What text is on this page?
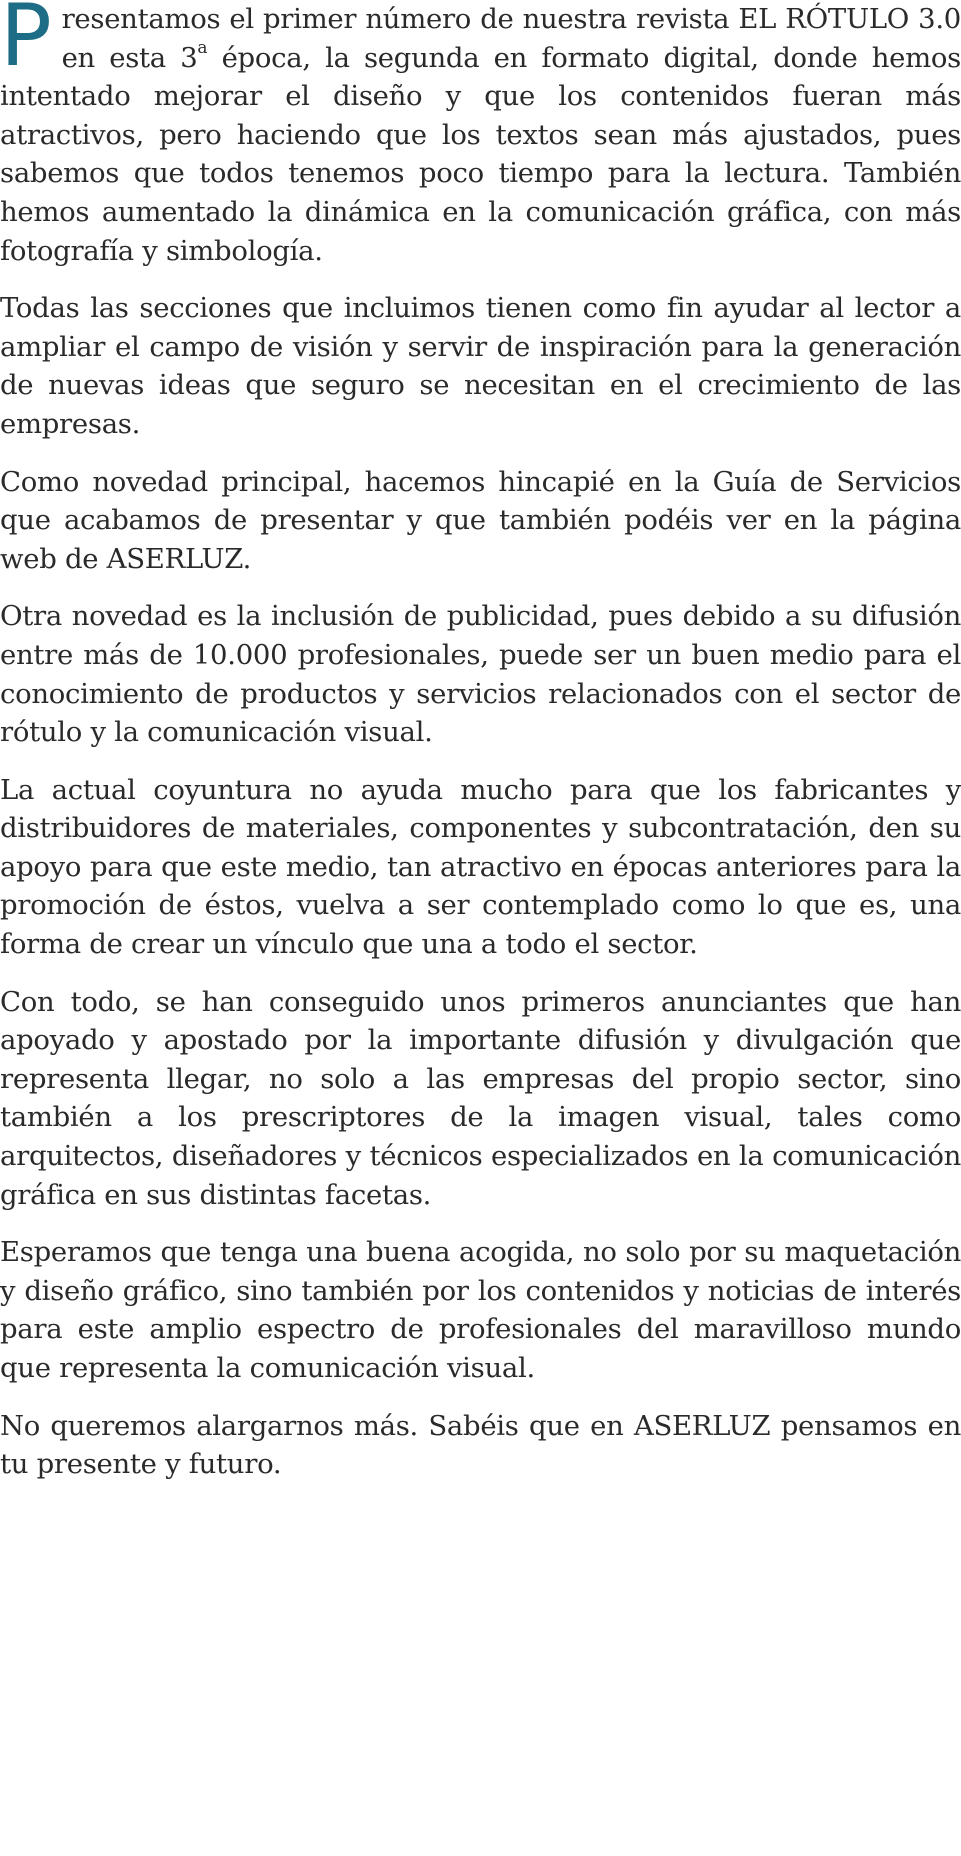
Presentamos el primer número de nuestra revista EL RÓTULO 3.0 en esta 3$^a$ época, la segunda en formato digital, donde hemos intentado mejorar el diseño y que los contenidos fueran más atractivos, pero haciendo que los textos sean más ajustados, pues sabemos que todos tenemos poco tiempo para la lectura. También hemos aumentado la dinámica en la comunicación gráfica, con más fotografía y simbología.

Todas las secciones que incluimos tienen como fin ayudar al lector a ampliar el campo de visión y servir de inspiración para la generación de nuevas ideas que seguro se necesitan en el crecimiento de las empresas.

Como novedad principal, hacemos hincapié en la Guía de Servicios que acabamos de presentar y que también podéis ver en la página web de ASERLUZ.

Otra novedad es la inclusión de publicidad, pues debido a su difusión entre más de 10.000 profesionales, puede ser un buen medio para el conocimiento de productos y servicios relacionados con el sector de rótulo y la comunicación visual.

La actual coyuntura no ayuda mucho para que los fabricantes y distribuidores de materiales, componentes y subcontratación, den su apoyo para que este medio, tan atractivo en épocas anteriores para la promoción de éstos, vuelva a ser contemplado como lo que es, una forma de crear un vínculo que una a todo el sector.

Con todo, se han conseguido unos primeros anunciantes que han apoyado y apostado por la importante difusión y divulgación que representa llegar, no solo a las empresas del propio sector, sino también a los prescriptores de la imagen visual, tales como arquitectos, diseñadores y técnicos especializados en la comunicación gráfica en sus distintas facetas.

Esperamos que tenga una buena acogida, no solo por su maquetación y diseño gráfico, sino también por los contenidos y noticias de interés para este amplio espectro de profesionales del maravilloso mundo que representa la comunicación visual.

No queremos alargarnos más. Sabéis que en ASERLUZ pensamos en tu presente y futuro.
